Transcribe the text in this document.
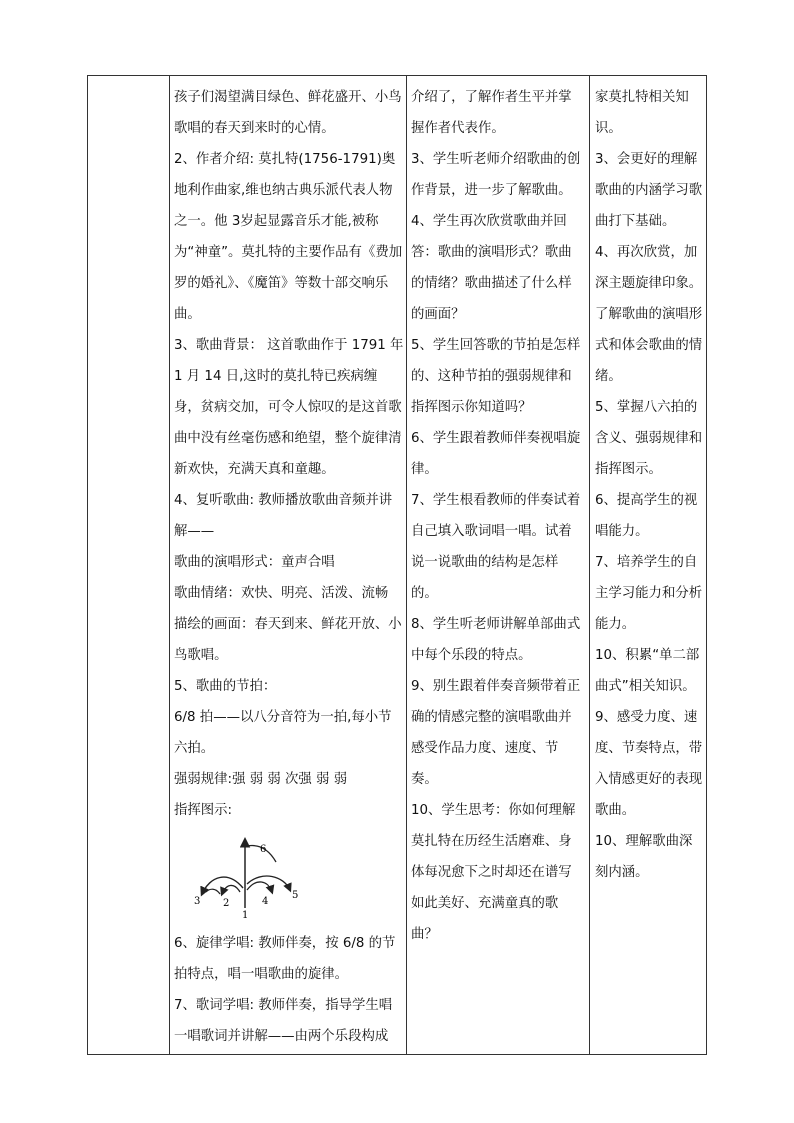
孩子们渴望满目绿色、鲜花盛开、小鸟歌唱的春天到来时的心情。

2、作者介绍: 莫扎特(1756-1791)奥地利作曲家,维也纳古典乐派代表人物之一。他 3岁起显露音乐才能,被称为“神童”。莫扎特的主要作品有《费加罗的婚礼》、《魔笛》等数十部交响乐曲。

3、歌曲背景： 这首歌曲作于 1791 年 1 月 14 日,这时的莫扎特已疾病缠身，贫病交加，可令人惊叹的是这首歌曲中没有丝毫伤感和绝望，整个旋律清新欢快，充满天真和童趣。

4、复听歌曲: 教师播放歌曲音频并讲解——

歌曲的演唱形式：童声合唱

歌曲情绪：欢快、明亮、活泼、流畅

描绘的画面：春天到来、鲜花开放、小鸟歌唱。

5、歌曲的节拍：

6/8 拍——以八分音符为一拍,每小节六拍。

强弱规律:强 弱 弱 次强 弱 弱

指挥图示:

6
3 2
1
4
5

6、旋律学唱: 教师伴奏，按 6/8 的节拍特点，唱一唱歌曲的旋律。

7、歌词学唱: 教师伴奏，指导学生唱一唱歌词并讲解——由两个乐段构成

介绍了，了解作者生平并掌握作者代表作。

3、学生听老师介绍歌曲的创作背景，进一步了解歌曲。

4、学生再次欣赏歌曲并回答：歌曲的演唱形式？歌曲的情绪？歌曲描述了什么样的画面？

5、学生回答歌的节拍是怎样的、这种节拍的强弱规律和指挥图示你知道吗？

6、学生跟着教师伴奏视唱旋律。

7、学生根看教师的伴奏试着自己填入歌词唱一唱。试着说一说歌曲的结构是怎样的。

8、学生听老师讲解单部曲式中每个乐段的特点。

9、别生跟着伴奏音频带着正确的情感完整的演唱歌曲并感受作品力度、速度、节奏。

10、学生思考：你如何理解莫扎特在历经生活磨难、身体每况愈下之时却还在谱写如此美好、充满童真的歌曲？

家莫扎特相关知识。

3、会更好的理解歌曲的内涵学习歌曲打下基础。

4、再次欣赏，加深主题旋律印象。了解歌曲的演唱形式和体会歌曲的情绪。

5、掌握八六拍的含义、强弱规律和指挥图示。

6、提高学生的视唱能力。

7、培养学生的自主学习能力和分析能力。

10、积累“单二部曲式”相关知识。

9、感受力度、速度、节奏特点，带入情感更好的表现歌曲。

10、理解歌曲深刻内涵。
